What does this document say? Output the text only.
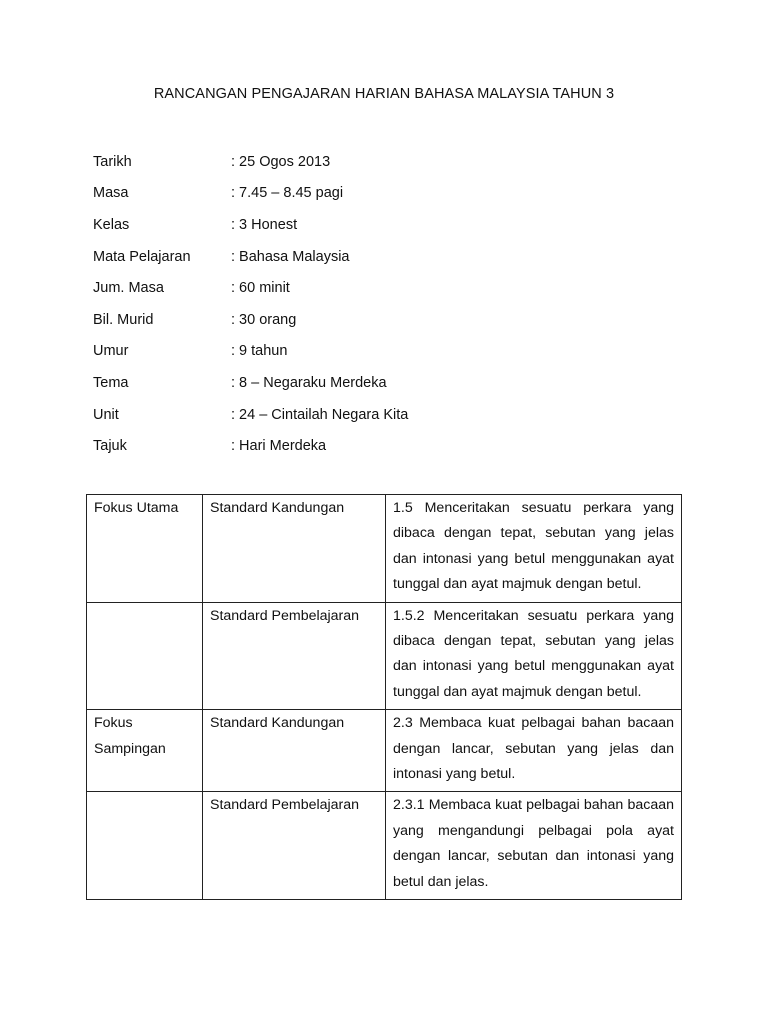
RANCANGAN PENGAJARAN HARIAN BAHASA MALAYSIA TAHUN 3
Tarikh	: 25 Ogos 2013
Masa	: 7.45 – 8.45 pagi
Kelas	: 3 Honest
Mata Pelajaran	: Bahasa Malaysia
Jum. Masa	: 60 minit
Bil. Murid	: 30 orang
Umur	: 9 tahun
Tema	: 8 – Negaraku Merdeka
Unit	: 24 – Cintailah Negara Kita
Tajuk	: Hari Merdeka
Fokus Utama	Standard Kandungan	1.5 Menceritakan sesuatu perkara yang dibaca dengan tepat, sebutan yang jelas dan intonasi yang betul menggunakan ayat tunggal dan ayat majmuk dengan betul.
	Standard Pembelajaran	1.5.2 Menceritakan sesuatu perkara yang dibaca dengan tepat, sebutan yang jelas dan intonasi yang betul menggunakan ayat tunggal dan ayat majmuk dengan betul.
Fokus Sampingan	Standard Kandungan	2.3 Membaca kuat pelbagai bahan bacaan dengan lancar, sebutan yang jelas dan intonasi yang betul.
	Standard Pembelajaran	2.3.1 Membaca kuat pelbagai bahan bacaan yang mengandungi pelbagai pola ayat dengan lancar, sebutan dan intonasi yang betul dan jelas.
